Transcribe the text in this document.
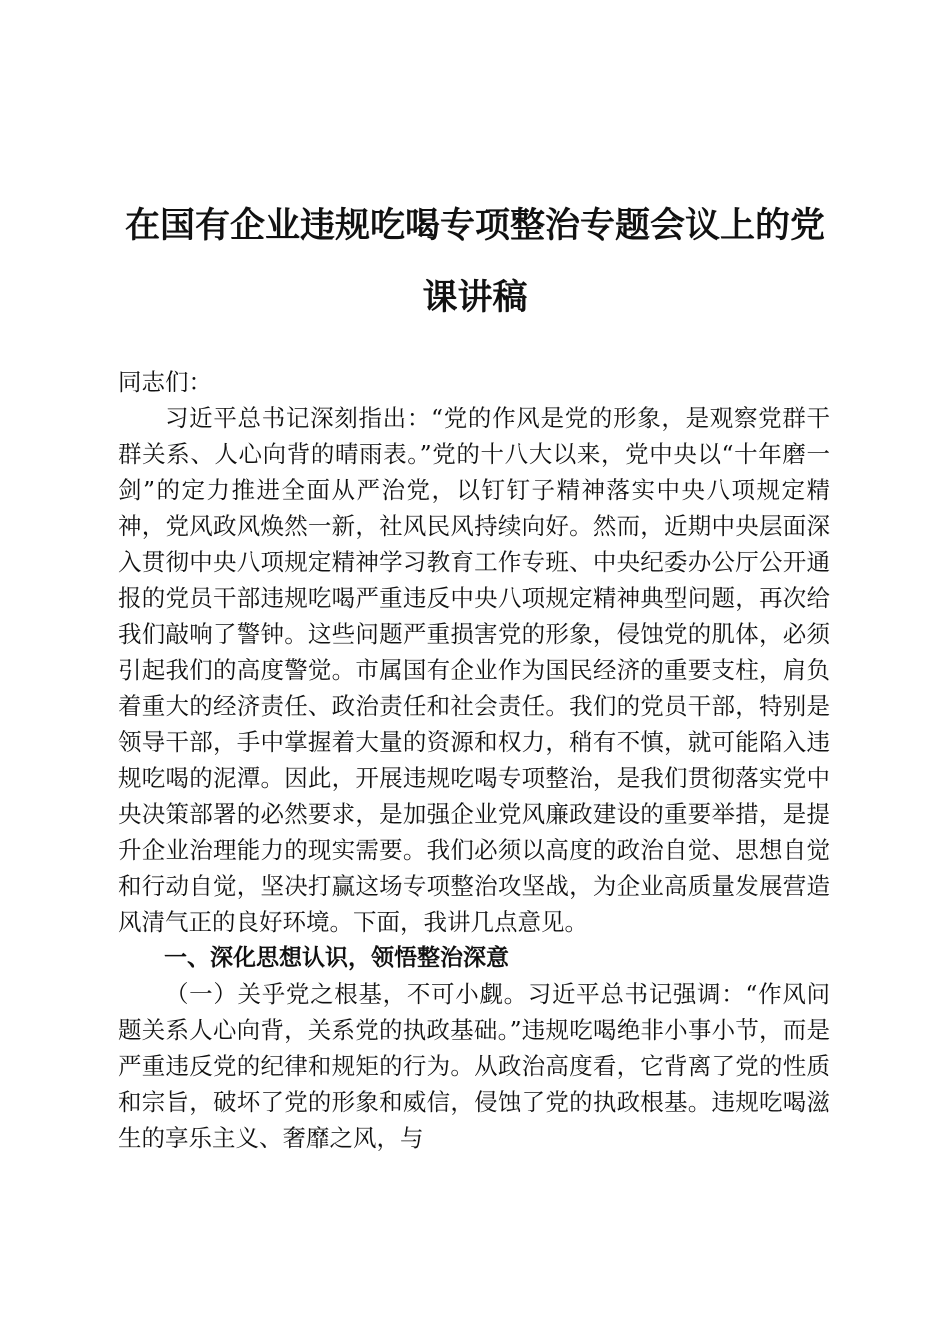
在国有企业违规吃喝专项整治专题会议上的党
课讲稿

同志们：

习近平总书记深刻指出：“党的作风是党的形象，是观察党群干群关系、人心向背的晴雨表。”党的十八大以来，党中央以“十年磨一剑”的定力推进全面从严治党，以钉钉子精神落实中央八项规定精神，党风政风焕然一新，社风民风持续向好。然而，近期中央层面深入贯彻中央八项规定精神学习教育工作专班、中央纪委办公厅公开通报的党员干部违规吃喝严重违反中央八项规定精神典型问题，再次给我们敲响了警钟。这些问题严重损害党的形象，侵蚀党的肌体，必须引起我们的高度警觉。市属国有企业作为国民经济的重要支柱，肩负着重大的经济责任、政治责任和社会责任。我们的党员干部，特别是领导干部，手中掌握着大量的资源和权力，稍有不慎，就可能陷入违规吃喝的泥潭。因此，开展违规吃喝专项整治，是我们贯彻落实党中央决策部署的必然要求，是加强企业党风廉政建设的重要举措，是提升企业治理能力的现实需要。我们必须以高度的政治自觉、思想自觉和行动自觉，坚决打赢这场专项整治攻坚战，为企业高质量发展营造风清气正的良好环境。下面，我讲几点意见。

一、深化思想认识，领悟整治深意

（一）关乎党之根基，不可小觑。习近平总书记强调：“作风问题关系人心向背，关系党的执政基础。”违规吃喝绝非小事小节，而是严重违反党的纪律和规矩的行为。从政治高度看，它背离了党的性质和宗旨，破坏了党的形象和威信，侵蚀了党的执政根基。违规吃喝滋生的享乐主义、奢靡之风，与
